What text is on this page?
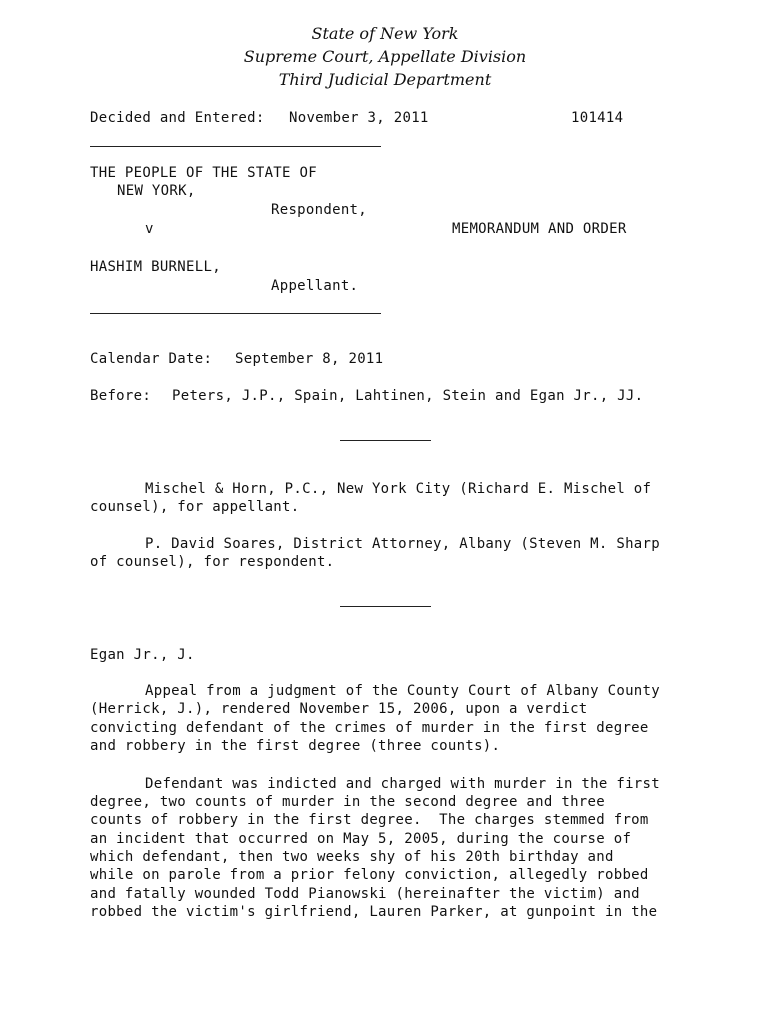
State of New York
Supreme Court, Appellate Division
Third Judicial Department
Decided and Entered: November 3, 2011	101414
THE PEOPLE OF THE STATE OF
NEW YORK,
Respondent,
v	MEMORANDUM AND ORDER
HASHIM BURNELL,
Appellant.
Calendar Date: September 8, 2011
Before: Peters, J.P., Spain, Lahtinen, Stein and Egan Jr., JJ.
Mischel & Horn, P.C., New York City (Richard E. Mischel of
counsel), for appellant.
P. David Soares, District Attorney, Albany (Steven M. Sharp
of counsel), for respondent.
Egan Jr., J.
Appeal from a judgment of the County Court of Albany County
(Herrick, J.), rendered November 15, 2006, upon a verdict
convicting defendant of the crimes of murder in the first degree
and robbery in the first degree (three counts).
Defendant was indicted and charged with murder in the first
degree, two counts of murder in the second degree and three
counts of robbery in the first degree.  The charges stemmed from
an incident that occurred on May 5, 2005, during the course of
which defendant, then two weeks shy of his 20th birthday and
while on parole from a prior felony conviction, allegedly robbed
and fatally wounded Todd Pianowski (hereinafter the victim) and
robbed the victim's girlfriend, Lauren Parker, at gunpoint in the
